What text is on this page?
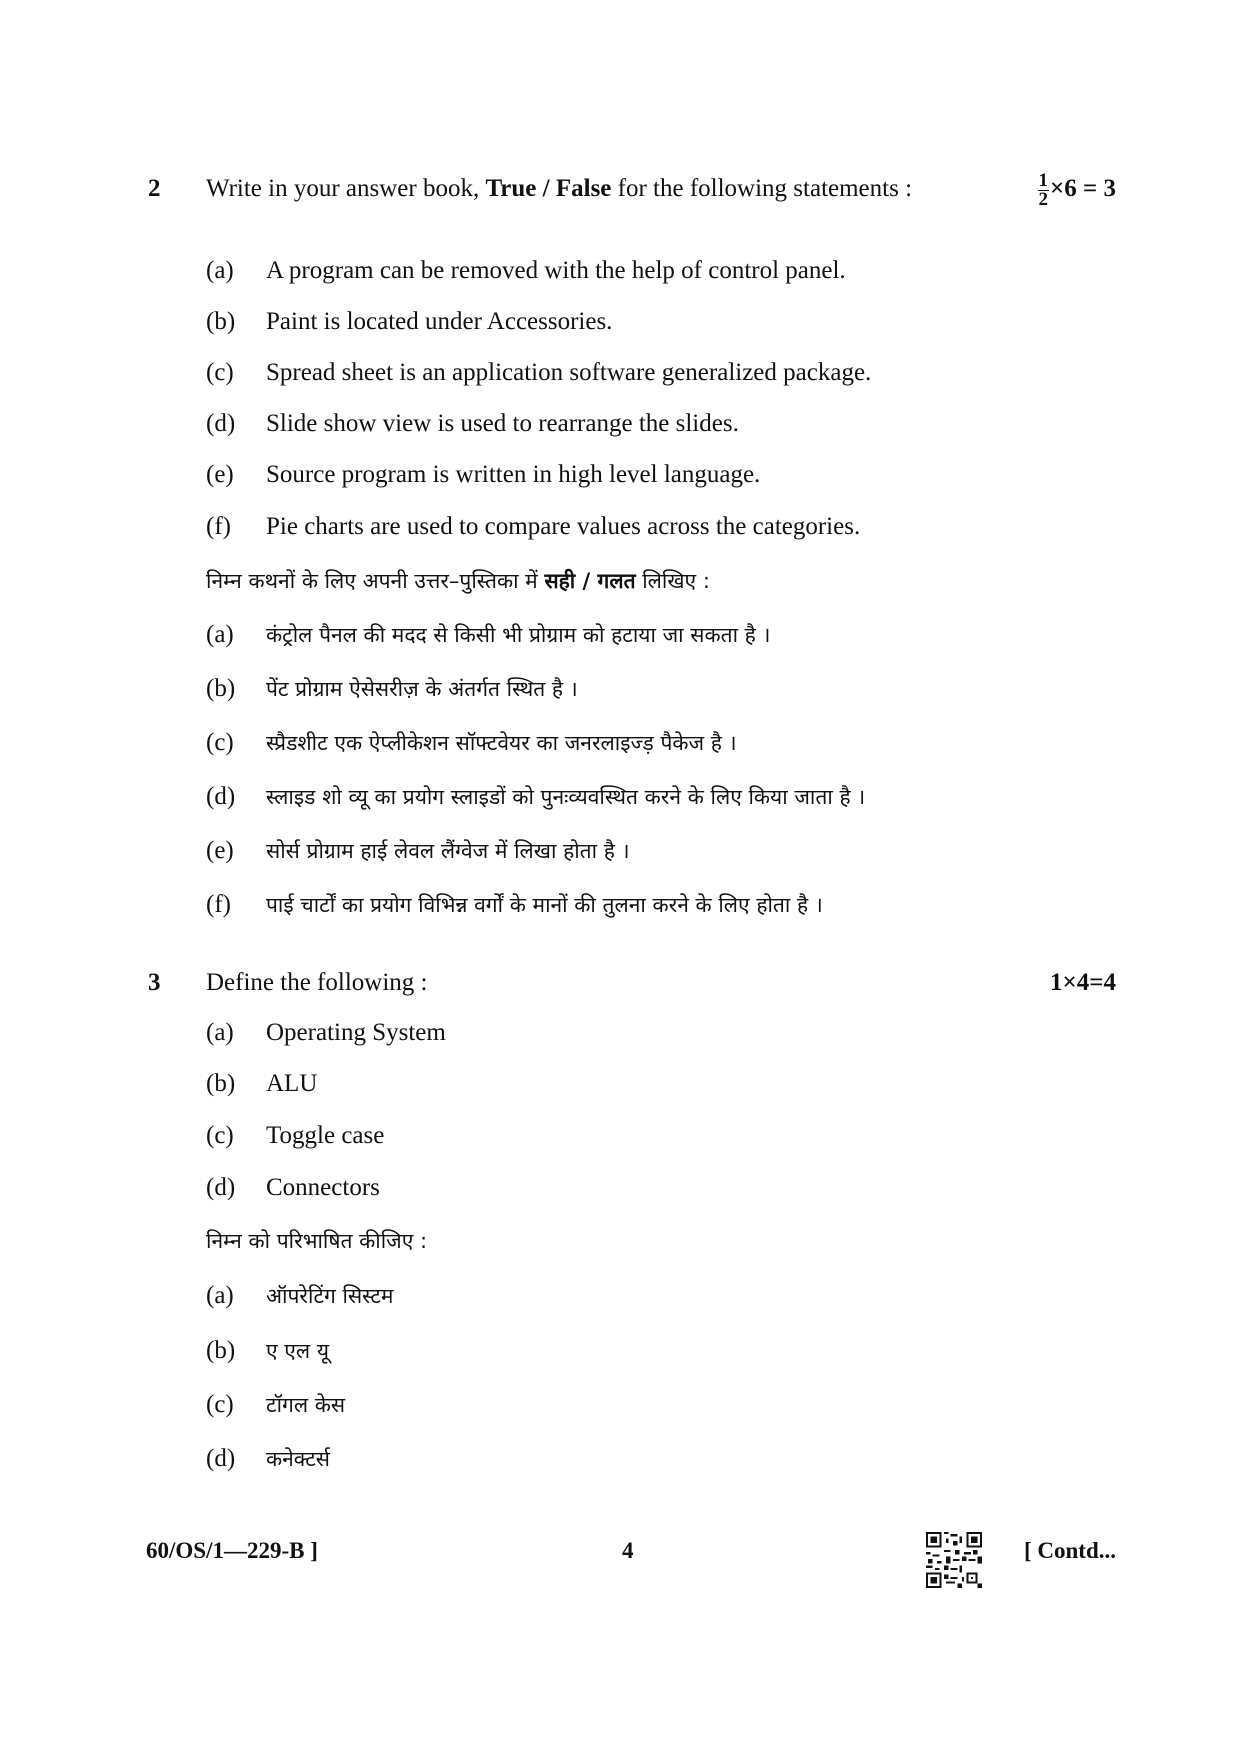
2 Write in your answer book, True / False for the following statements :	$\frac{1}{2} \times 6 = 3$
(a) A program can be removed with the help of control panel.
(b) Paint is located under Accessories.
(c) Spread sheet is an application software generalized package.
(d) Slide show view is used to rearrange the slides.
(e) Source program is written in high level language.
(f) Pie charts are used to compare values across the categories.
निम्न कथनों के लिए अपनी उत्तर–पुस्तिका में सही / गलत लिखिए :
(a) कंट्रोल पैनल की मदद से किसी भी प्रोग्राम को हटाया जा सकता है ।
(b) पेंट प्रोग्राम ऐसेसरीज़ के अंतर्गत स्थित है ।
(c) स्प्रैडशीट एक ऐप्लीकेशन सॉफ्टवेयर का जनरलाइज्ड़ पैकेज है ।
(d) स्लाइड शो व्यू का प्रयोग स्लाइडों को पुनःव्यवस्थित करने के लिए किया जाता है ।
(e) सोर्स प्रोग्राम हाई लेवल लैंग्वेज में लिखा होता है ।
(f) पाई चार्टों का प्रयोग विभिन्न वर्गों के मानों की तुलना करने के लिए होता है ।
3 Define the following :	1×4=4
(a) Operating System
(b) ALU
(c) Toggle case
(d) Connectors
निम्न को परिभाषित कीजिए :
(a) ऑपरेटिंग सिस्टम
(b) ए एल यू
(c) टॉगल केस
(d) कनेक्टर्स
60/OS/1—229-B ]	4	[ Contd...
